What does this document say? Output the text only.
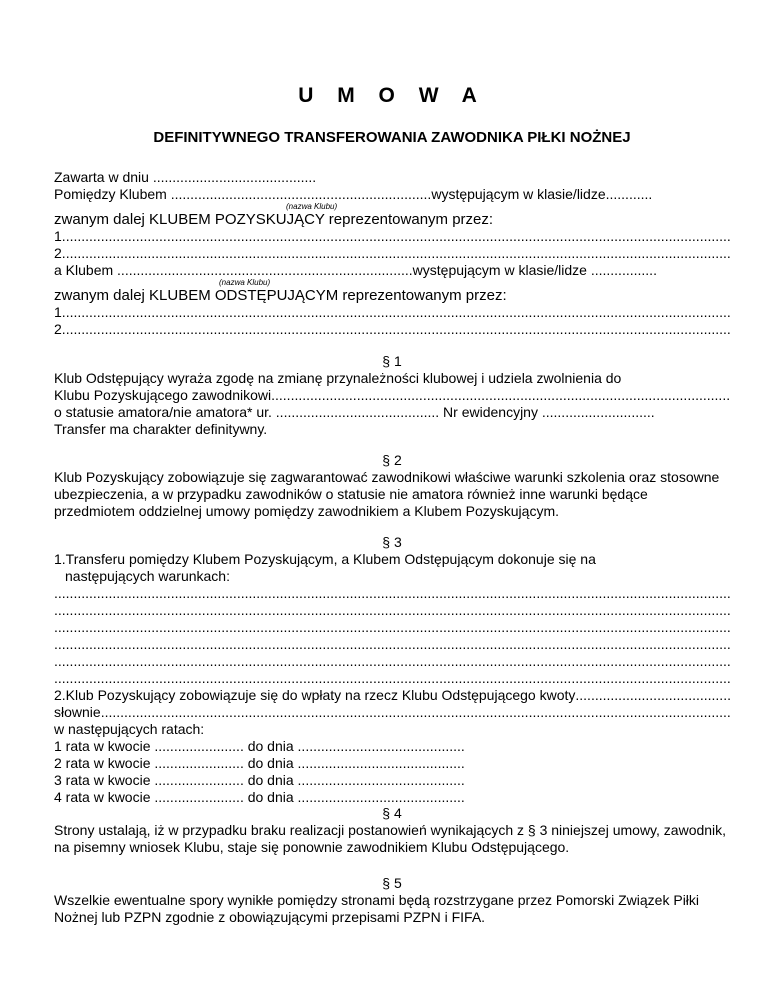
U M O W A
DEFINITYWNEGO TRANSFEROWANIA ZAWODNIKA PIŁKI NOŻNEJ
Zawarta w dniu ..........................................
Pomiędzy Klubem ................................................................... występującym w klasie/lidze............
(nazwa Klubu)
zwanym dalej KLUBEM POZYSKUJĄCY reprezentowanym przez:
1.
.....
2.
.....
a Klubem ............................................................................ występującym w klasie/lidze .................
(nazwa Klubu)
zwanym dalej KLUBEM ODSTĘPUJĄCYM reprezentowanym przez:
1.
.....
2.
.....
§ 1
Klub Odstępujący wyraża zgodę na zmianę przynależności klubowej i udziela zwolnienia do
Klubu Pozyskującego zawodnikowi
.....
o statusie amatora/nie amatora* ur. .......................................... Nr ewidencyjny .............................
Transfer ma charakter definitywny.
§ 2
Klub Pozyskujący zobowiązuje się zagwarantować zawodnikowi właściwe warunki szkolenia oraz stosowne ubezpieczenia, a w przypadku zawodników o statusie nie amatora również inne warunki będące przedmiotem oddzielnej umowy pomiędzy zawodnikiem a Klubem Pozyskującym.
§ 3
1.Transferu pomiędzy Klubem Pozyskującym, a Klubem Odstępującym dokonuje się na
następujących warunkach:
.....
.....
.....
.....
.....
.....
2.Klub Pozyskujący zobowiązuje się do wpłaty na rzecz Klubu Odstępującego kwoty
.....
słownie
.....
w następujących ratach:
1 rata w kwocie ....................... do dnia ...........................................
2 rata w kwocie ....................... do dnia ...........................................
3 rata w kwocie ....................... do dnia ...........................................
4 rata w kwocie ....................... do dnia ...........................................
§ 4
Strony ustalają, iż w przypadku braku realizacji postanowień wynikających z § 3 niniejszej umowy, zawodnik, na pisemny wniosek Klubu, staje się ponownie zawodnikiem Klubu Odstępującego.
§ 5
Wszelkie ewentualne spory wynikłe pomiędzy stronami będą rozstrzygane przez Pomorski Związek Piłki Nożnej lub PZPN zgodnie z obowiązującymi przepisami PZPN i FIFA.
